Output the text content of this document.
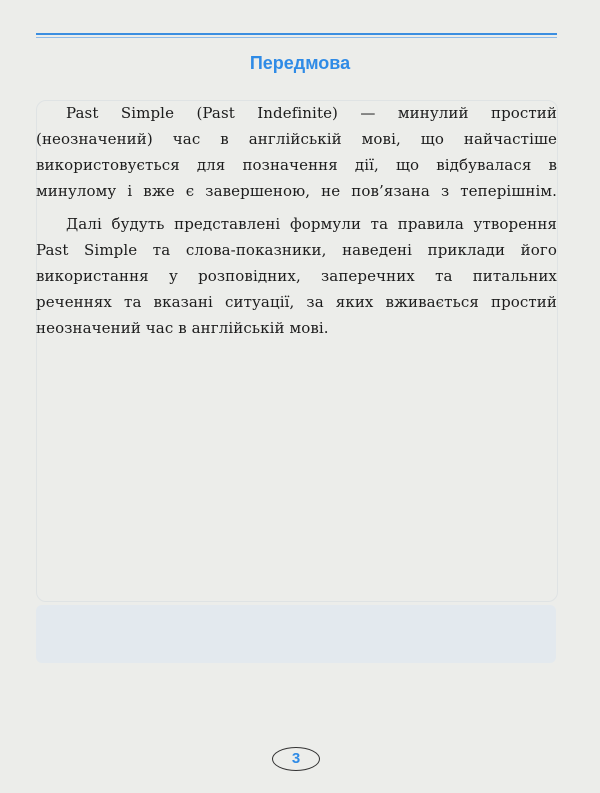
Передмова
Past Simple (Past Indefinite) — минулий простий
(неозначений) час в англійській мові, що найчастіше
використовується для позначення дії, що відбувалася в
минулому і вже є завершеною, не пов’язана з теперішнім.
Далі будуть представлені формули та правила утворення
Past Simple та слова-показники, наведені приклади його
використання у розповідних, заперечних та питальних
реченнях та вказані ситуації, за яких вживається простий
неозначений час в англійській мові.
3
